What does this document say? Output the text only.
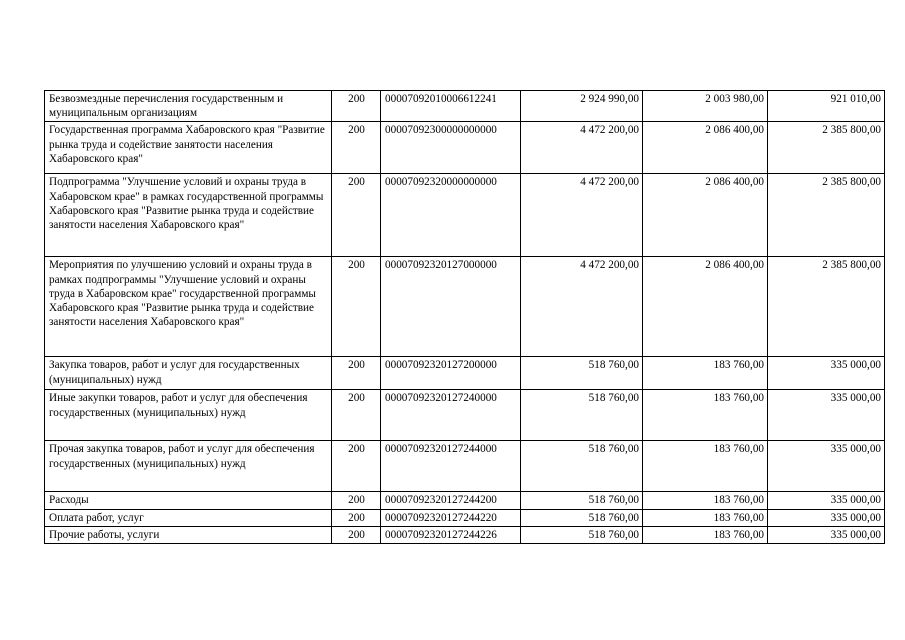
Безвозмездные перечисления государственным и муниципальным организациям	200	00007092010006612241	2 924 990,00	2 003 980,00	921 010,00
Государственная программа Хабаровского края "Развитие рынка труда и содействие занятости населения Хабаровского края"	200	00007092300000000000	4 472 200,00	2 086 400,00	2 385 800,00
Подпрограмма "Улучшение условий и охраны труда в Хабаровском крае" в рамках государственной программы Хабаровского края "Развитие рынка труда и содействие занятости населения Хабаровского края"	200	00007092320000000000	4 472 200,00	2 086 400,00	2 385 800,00
Мероприятия по улучшению условий и охраны труда в рамках подпрограммы "Улучшение условий и охраны труда в Хабаровском крае" государственной программы Хабаровского края "Развитие рынка труда и содействие занятости населения Хабаровского края"	200	00007092320127000000	4 472 200,00	2 086 400,00	2 385 800,00
Закупка товаров, работ и услуг для государственных (муниципальных) нужд	200	00007092320127200000	518 760,00	183 760,00	335 000,00
Иные закупки товаров, работ и услуг для обеспечения государственных (муниципальных) нужд	200	00007092320127240000	518 760,00	183 760,00	335 000,00
Прочая закупка товаров, работ и услуг для обеспечения государственных (муниципальных) нужд	200	00007092320127244000	518 760,00	183 760,00	335 000,00
Расходы	200	00007092320127244200	518 760,00	183 760,00	335 000,00
Оплата работ, услуг	200	00007092320127244220	518 760,00	183 760,00	335 000,00
Прочие работы, услуги	200	00007092320127244226	518 760,00	183 760,00	335 000,00
